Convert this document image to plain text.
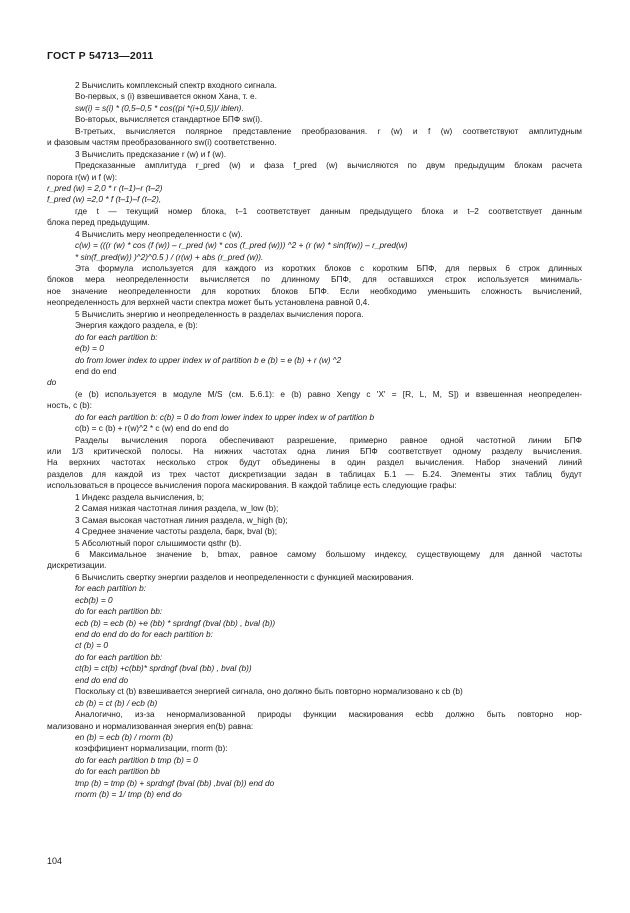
ГОСТ Р 54713—2011
2 Вычислить комплексный спектр входного сигнала.
Во-первых, s (i) взвешивается окном Хана, т. е.
sw(i) = s(i) * (0,5–0,5 * cos((pi *(i+0,5))/ iblen).
Во-вторых, вычисляется стандартное БПФ sw(i).
В-третьих, вычисляется полярное представление преобразования. r (w) и f (w) соответствуют амплитудным
и фазовым частям преобразованного sw(i) соответственно.
3 Вычислить предсказание r (w) и f (w).
Предсказанные амплитуда r_pred (w) и фаза f_pred (w) вычисляются по двум предыдущим блокам расчета
порога r(w) и f (w):
r_pred (w) = 2,0 * r (t–1)–r (t–2)
f_pred (w) =2,0 * f (t–1)–f (t–2),
где t — текущий номер блока, t–1 соответствует данным предыдущего блока и t–2 соответствует данным
блока перед предыдущим.
4 Вычислить меру неопределенности c (w).
c(w) = (((r (w) * cos (f (w)) – r_pred (w) * cos (f_pred (w))) ^2 + (r (w) * sin(f(w)) – r_pred(w)
* sin(f_pred(w)) )^2)^0.5 ) / (r(w) + abs (r_pred (w)).
Эта формула используется для каждого из коротких блоков с коротким БПФ, для первых 6 строк длинных
блоков мера неопределенности вычисляется по длинному БПФ, для оставшихся строк используется минималь-
ное значение неопределенности для коротких блоков БПФ. Если необходимо уменьшить сложность вычислений,
неопределенность для верхней части спектра может быть установлена равной 0,4.
5 Вычислить энергию и неопределенность в разделах вычисления порога.
Энергия каждого раздела, e (b):
do for each partition b:
e(b) = 0
do from lower index to upper index w of partition b e (b) = e (b) + r (w) ^2
end do end
do
(e (b) используется в модуле M/S (см. Б.6.1): e (b) равно Xengy с 'X' = [R, L, M, S]) и взвешенная неопределен-
ность, c (b):
do for each partition b: c(b) = 0 do from lower index to upper index w of partition b
c(b) = c (b) + r(w)^2 * c (w) end do end do
Разделы вычисления порога обеспечивают разрешение, примерно равное одной частотной линии БПФ
или 1/3 критической полосы. На нижних частотах одна линия БПФ соответствует одному разделу вычисления.
На верхних частотах несколько строк будут объединены в один раздел вычисления. Набор значений линий
разделов для каждой из трех частот дискретизации задан в таблицах Б.1 — Б.24. Элементы этих таблиц будут
использоваться в процессе вычисления порога маскирования. В каждой таблице есть следующие графы:
1 Индекс раздела вычисления, b;
2 Самая низкая частотная линия раздела, w_low (b);
3 Самая высокая частотная линия раздела, w_high (b);
4 Среднее значение частоты раздела, барк, bval (b);
5 Абсолютный порог слышимости qsthr (b).
6 Максимальное значение b, bmax, равное самому большому индексу, существующему для данной частоты
дискретизации.
6 Вычислить свертку энергии разделов и неопределенности с функцией маскирования.
for each partition b:
ecb(b) = 0
do for each partition bb:
ecb (b) = ecb (b) +e (bb) * sprdngf (bval (bb) , bval (b))
end do end do do for each partition b:
ct (b) = 0
do for each partition bb:
ct(b) = ct(b) +c(bb)* sprdngf (bval (bb) , bval (b))
end do end do
Поскольку ct (b) взвешивается энергией сигнала, оно должно быть повторно нормализовано к cb (b)
cb (b) = ct (b) / ecb (b)
Аналогично, из-за ненормализованной природы функции маскирования ecbb должно быть повторно нор-
мализовано и нормализованная энергия en(b) равна:
en (b) = ecb (b) / rnorm (b)
коэффициент нормализации, rnorm (b):
do for each partition b tmp (b) = 0
do for each partition bb
tmp (b) = tmp (b) + sprdngf (bval (bb) ,bval (b)) end do
rnorm (b) = 1/ tmp (b) end do
104
